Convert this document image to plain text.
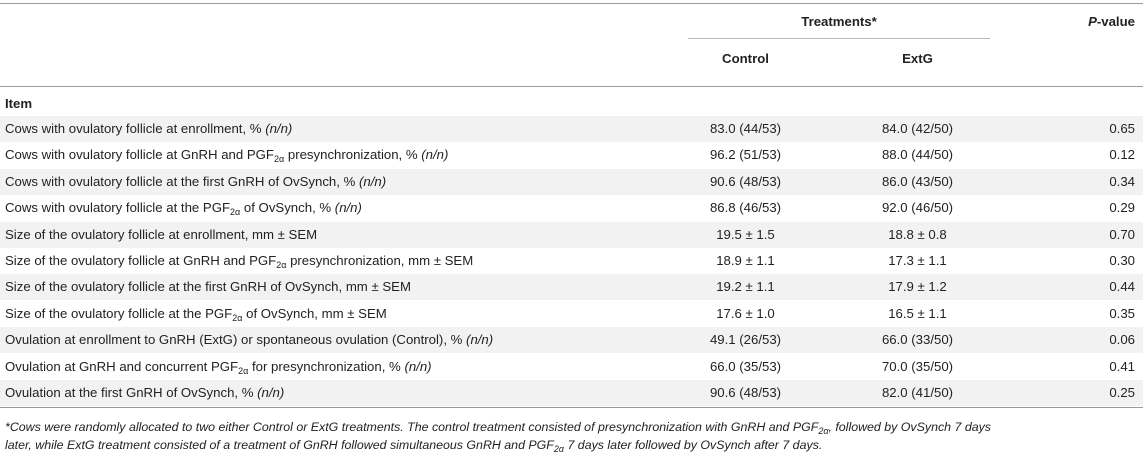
Treatments*	P-value
Control	ExtG
Item
Cows with ovulatory follicle at enrollment, % (n/n)	83.0 (44/53)	84.0 (42/50)	0.65
Cows with ovulatory follicle at GnRH and $PGF_{2\alpha}$ presynchronization, % (n/n)	96.2 (51/53)	88.0 (44/50)	0.12
Cows with ovulatory follicle at the first GnRH of OvSynch, % (n/n)	90.6 (48/53)	86.0 (43/50)	0.34
Cows with ovulatory follicle at the $PGF_{2\alpha}$ of OvSynch, % (n/n)	86.8 (46/53)	92.0 (46/50)	0.29
Size of the ovulatory follicle at enrollment, mm ± SEM	19.5 ± 1.5	18.8 ± 0.8	0.70
Size of the ovulatory follicle at GnRH and $PGF_{2\alpha}$ presynchronization, mm ± SEM	18.9 ± 1.1	17.3 ± 1.1	0.30
Size of the ovulatory follicle at the first GnRH of OvSynch, mm ± SEM	19.2 ± 1.1	17.9 ± 1.2	0.44
Size of the ovulatory follicle at the $PGF_{2\alpha}$ of OvSynch, mm ± SEM	17.6 ± 1.0	16.5 ± 1.1	0.35
Ovulation at enrollment to GnRH (ExtG) or spontaneous ovulation (Control), % (n/n)	49.1 (26/53)	66.0 (33/50)	0.06
Ovulation at GnRH and concurrent $PGF_{2\alpha}$ for presynchronization, % (n/n)	66.0 (35/53)	70.0 (35/50)	0.41
Ovulation at the first GnRH of OvSynch, % (n/n)	90.6 (48/53)	82.0 (41/50)	0.25
*Cows were randomly allocated to two either Control or ExtG treatments. The control treatment consisted of presynchronization with GnRH and $PGF_{2\alpha}$, followed by OvSynch 7 days
later, while ExtG treatment consisted of a treatment of GnRH followed simultaneous GnRH and $PGF_{2\alpha}$ 7 days later followed by OvSynch after 7 days.
